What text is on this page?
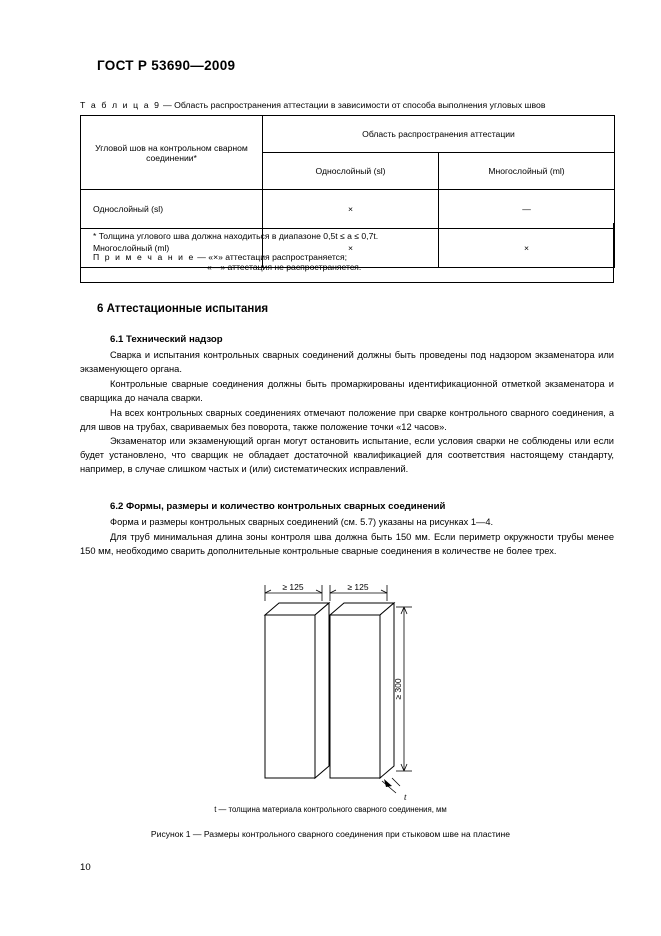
ГОСТ Р 53690—2009
Т а б л и ц а 9 — Область распространения аттестации в зависимости от способа выполнения угловых швов
Угловой шов на контрольном сварном соединении*	Область распространения аттестации	
	Однослойный (sl)	Многослойный (ml)
Однослойный (sl)	×	—
Многослойный (ml)	×	×
* Толщина углового шва должна находиться в диапазоне 0,5t ≤ a ≤ 0,7t.
П р и м е ч а н и е — «×» аттестация распространяется;
«—» аттестация не распространяется.
6 Аттестационные испытания
6.1 Технический надзор

Сварка и испытания контрольных сварных соединений должны быть проведены под надзором экзаменатора или экзаменующего органа.

Контрольные сварные соединения должны быть промаркированы идентификационной отметкой экзаменатора и сварщика до начала сварки.

На всех контрольных сварных соединениях отмечают положение при сварке контрольного сварного соединения, а для швов на трубах, свариваемых без поворота, также положение точки «12 часов».

Экзаменатор или экзаменующий орган могут остановить испытание, если условия сварки не соблюдены или если будет установлено, что сварщик не обладает достаточной квалификацией для соответствия настоящему стандарту, например, в случае слишком частых и (или) систематических исправлений.

6.2 Формы, размеры и количество контрольных сварных соединений

Форма и размеры контрольных сварных соединений (см. 5.7) указаны на рисунках 1—4.

Для труб минимальная длина зоны контроля шва должна быть 150 мм. Если периметр окружности трубы менее 150 мм, необходимо сварить дополнительные контрольные сварные соединения в количестве не более трех.

≥ 125	≥ 125
≥ 300
t
t — толщина материала контрольного сварного соединения, мм
Рисунок 1 — Размеры контрольного сварного соединения при стыковом шве на пластине
10
